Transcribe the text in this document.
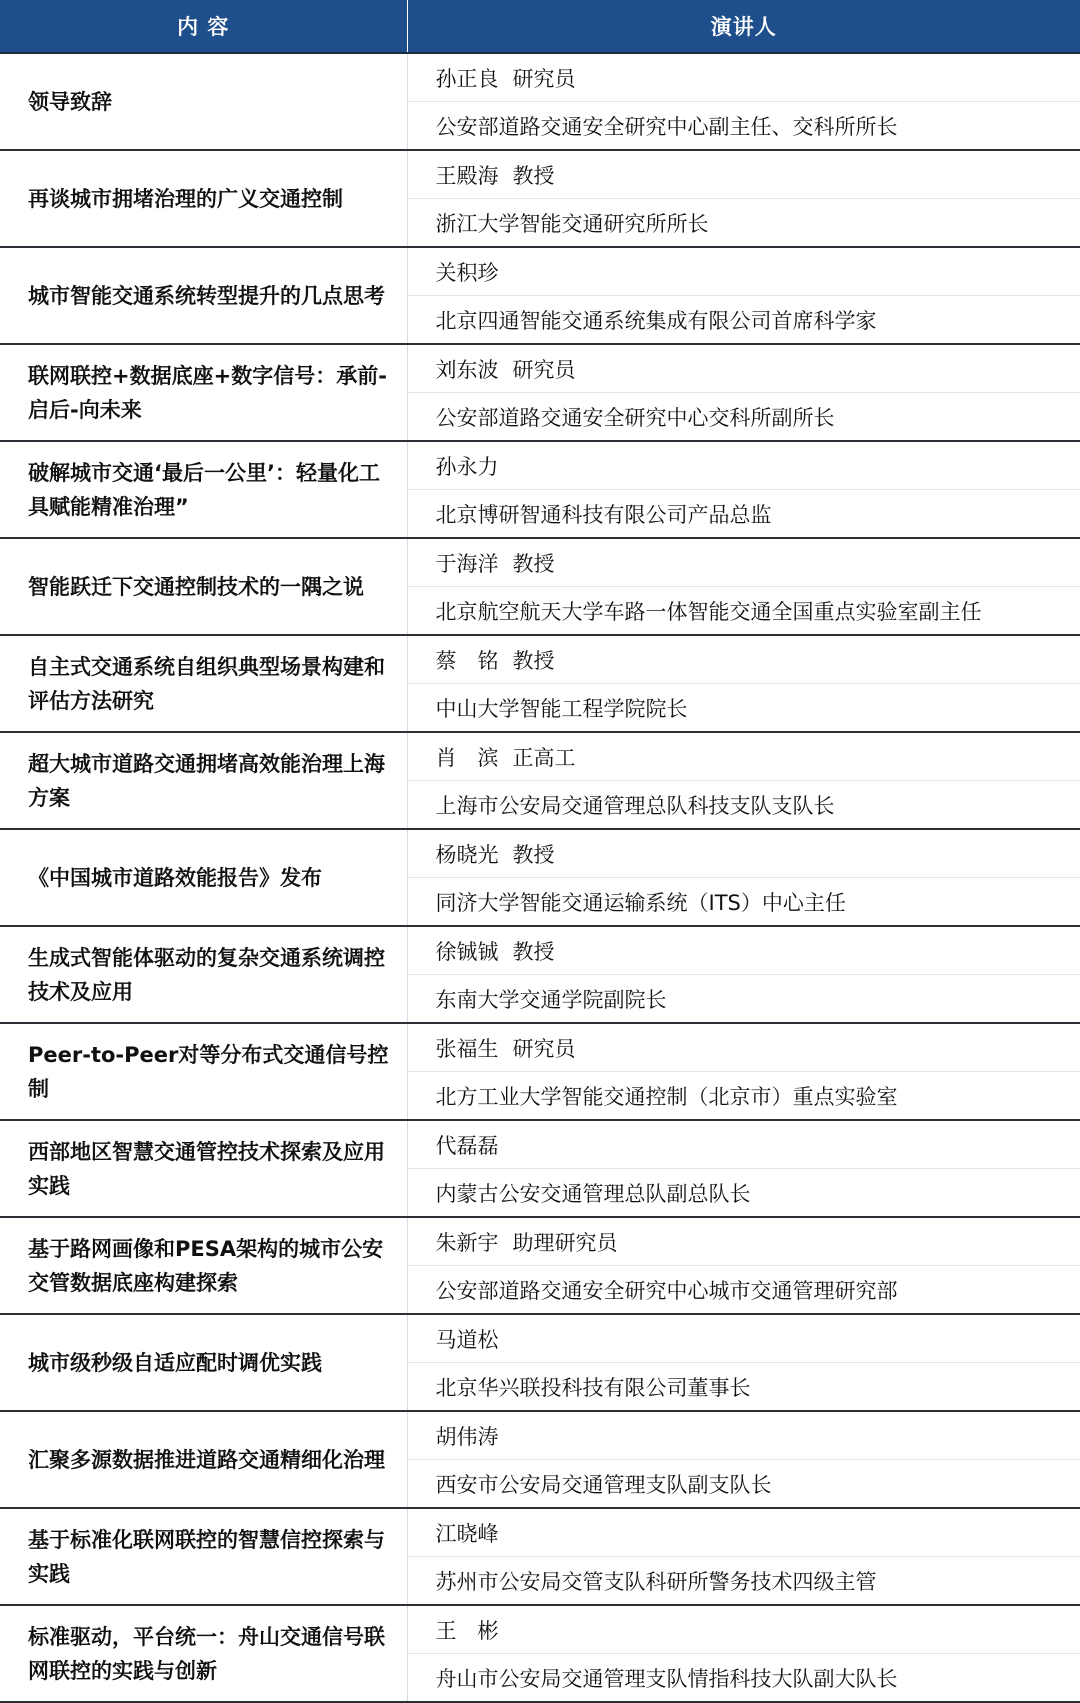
内 容	演讲人
领导致辞	孙正良 研究员
	公安部道路交通安全研究中心副主任、交科所所长
再谈城市拥堵治理的广义交通控制	王殿海 教授
	浙江大学智能交通研究所所长
城市智能交通系统转型提升的几点思考	关积珍
	北京四通智能交通系统集成有限公司首席科学家
联网联控+数据底座+数字信号：承前-启后-向未来	刘东波 研究员
	公安部道路交通安全研究中心交科所副所长
破解城市交通‘最后一公里’：轻量化工具赋能精准治理”	孙永力
	北京博研智通科技有限公司产品总监
智能跃迁下交通控制技术的一隅之说	于海洋 教授
	北京航空航天大学车路一体智能交通全国重点实验室副主任
自主式交通系统自组织典型场景构建和评估方法研究	蔡　铭 教授
	中山大学智能工程学院院长
超大城市道路交通拥堵高效能治理上海方案	肖　滨 正高工
	上海市公安局交通管理总队科技支队支队长
《中国城市道路效能报告》发布	杨晓光 教授
	同济大学智能交通运输系统（ITS）中心主任
生成式智能体驱动的复杂交通系统调控技术及应用	徐铖铖 教授
	东南大学交通学院副院长
Peer-to-Peer对等分布式交通信号控制	张福生 研究员
	北方工业大学智能交通控制（北京市）重点实验室
西部地区智慧交通管控技术探索及应用实践	代磊磊
	内蒙古公安交通管理总队副总队长
基于路网画像和PESA架构的城市公安交管数据底座构建探索	朱新宇 助理研究员
	公安部道路交通安全研究中心城市交通管理研究部
城市级秒级自适应配时调优实践	马道松
	北京华兴联投科技有限公司董事长
汇聚多源数据推进道路交通精细化治理	胡伟涛
	西安市公安局交通管理支队副支队长
基于标准化联网联控的智慧信控探索与实践	江晓峰
	苏州市公安局交管支队科研所警务技术四级主管
标准驱动，平台统一：舟山交通信号联网联控的实践与创新	王　彬
	舟山市公安局交通管理支队情指科技大队副大队长
